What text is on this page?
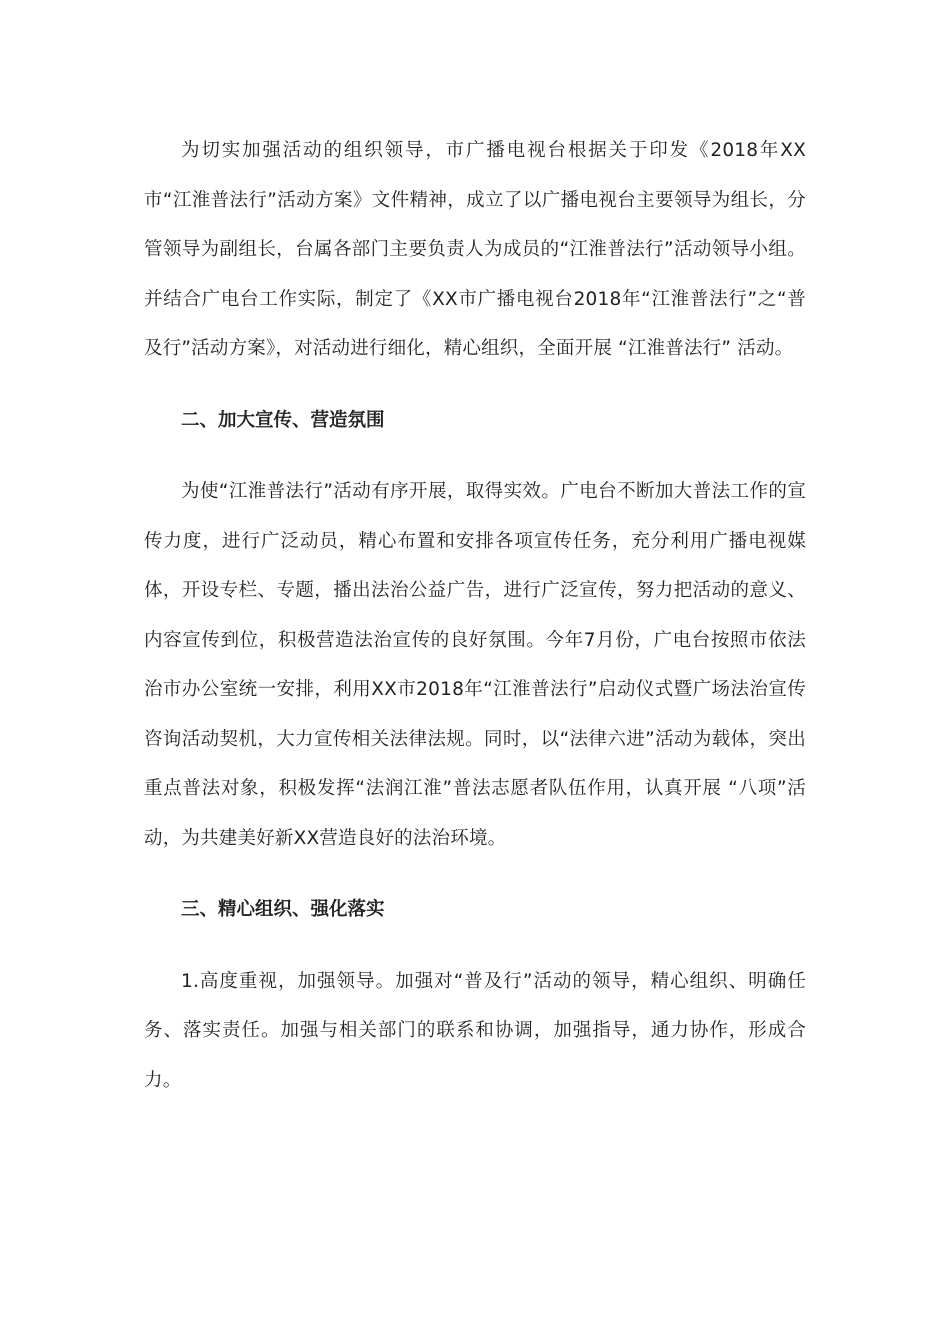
为切实加强活动的组织领导，市广播电视台根据关于印发《2018年XX市“江淮普法行”活动方案》文件精神，成立了以广播电视台主要领导为组长，分管领导为副组长，台属各部门主要负责人为成员的“江淮普法行”活动领导小组。并结合广电台工作实际，制定了《XX市广播电视台2018年“江淮普法行”之“普及行”活动方案》，对活动进行细化，精心组织，全面开展 “江淮普法行” 活动。

二、加大宣传、营造氛围

为使“江淮普法行”活动有序开展，取得实效。广电台不断加大普法工作的宣传力度，进行广泛动员，精心布置和安排各项宣传任务，充分利用广播电视媒体，开设专栏、专题，播出法治公益广告，进行广泛宣传，努力把活动的意义、内容宣传到位，积极营造法治宣传的良好氛围。今年7月份，广电台按照市依法治市办公室统一安排，利用XX市2018年“江淮普法行”启动仪式暨广场法治宣传咨询活动契机，大力宣传相关法律法规。同时，以“法律六进”活动为载体，突出重点普法对象，积极发挥“法润江淮”普法志愿者队伍作用，认真开展 “八项”活动，为共建美好新XX营造良好的法治环境。

三、精心组织、强化落实

1.高度重视，加强领导。加强对“普及行”活动的领导，精心组织、明确任务、落实责任。加强与相关部门的联系和协调，加强指导，通力协作，形成合力。
